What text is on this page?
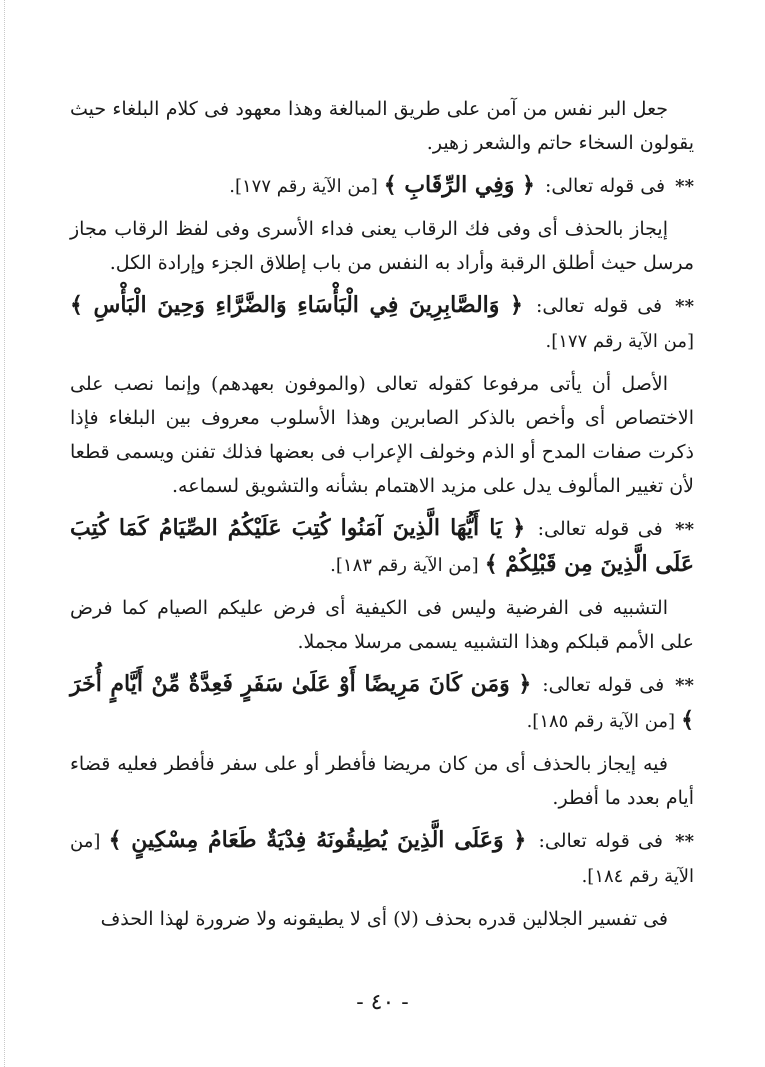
جعل البر نفس من آمن على طريق المبالغة وهذا معهود فى كلام البلغاء حيث يقولون السخاء حاتم والشعر زهير.

** فى قوله تعالى: ﴿ وَفِي الرِّقَابِ ﴾ [من الآية رقم ١٧٧].

إيجاز بالحذف أى وفى فك الرقاب يعنى فداء الأسرى وفى لفظ الرقاب مجاز مرسل حيث أطلق الرقبة وأراد به النفس من باب إطلاق الجزء وإرادة الكل.

** فى قوله تعالى: ﴿ وَالصَّابِرِينَ فِي الْبَأْسَاءِ وَالضَّرَّاءِ وَحِينَ الْبَأْسِ ﴾ [من الآية رقم ١٧٧].

الأصل أن يأتى مرفوعا كقوله تعالى (والموفون بعهدهم) وإنما نصب على الاختصاص أى وأخص بالذكر الصابرين وهذا الأسلوب معروف بين البلغاء فإذا ذكرت صفات المدح أو الذم وخولف الإعراب فى بعضها فذلك تفنن ويسمى قطعا لأن تغيير المألوف يدل على مزيد الاهتمام بشأنه والتشويق لسماعه.

** فى قوله تعالى: ﴿ يَا أَيُّهَا الَّذِينَ آمَنُوا كُتِبَ عَلَيْكُمُ الصِّيَامُ كَمَا كُتِبَ عَلَى الَّذِينَ مِن قَبْلِكُمْ ﴾ [من الآية رقم ١٨٣].

التشبيه فى الفرضية وليس فى الكيفية أى فرض عليكم الصيام كما فرض على الأمم قبلكم وهذا التشبيه يسمى مرسلا مجملا.

** فى قوله تعالى: ﴿ وَمَن كَانَ مَرِيضًا أَوْ عَلَىٰ سَفَرٍ فَعِدَّةٌ مِّنْ أَيَّامٍ أُخَرَ ﴾ [من الآية رقم ١٨٥].

فيه إيجاز بالحذف أى من كان مريضا فأفطر أو على سفر فأفطر فعليه قضاء أيام بعدد ما أفطر.

** فى قوله تعالى: ﴿ وَعَلَى الَّذِينَ يُطِيقُونَهُ فِدْيَةٌ طَعَامُ مِسْكِينٍ ﴾ [من الآية رقم ١٨٤].

فى تفسير الجلالين قدره بحذف (لا) أى لا يطيقونه ولا ضرورة لهذا الحذف

- ٤٠ -
